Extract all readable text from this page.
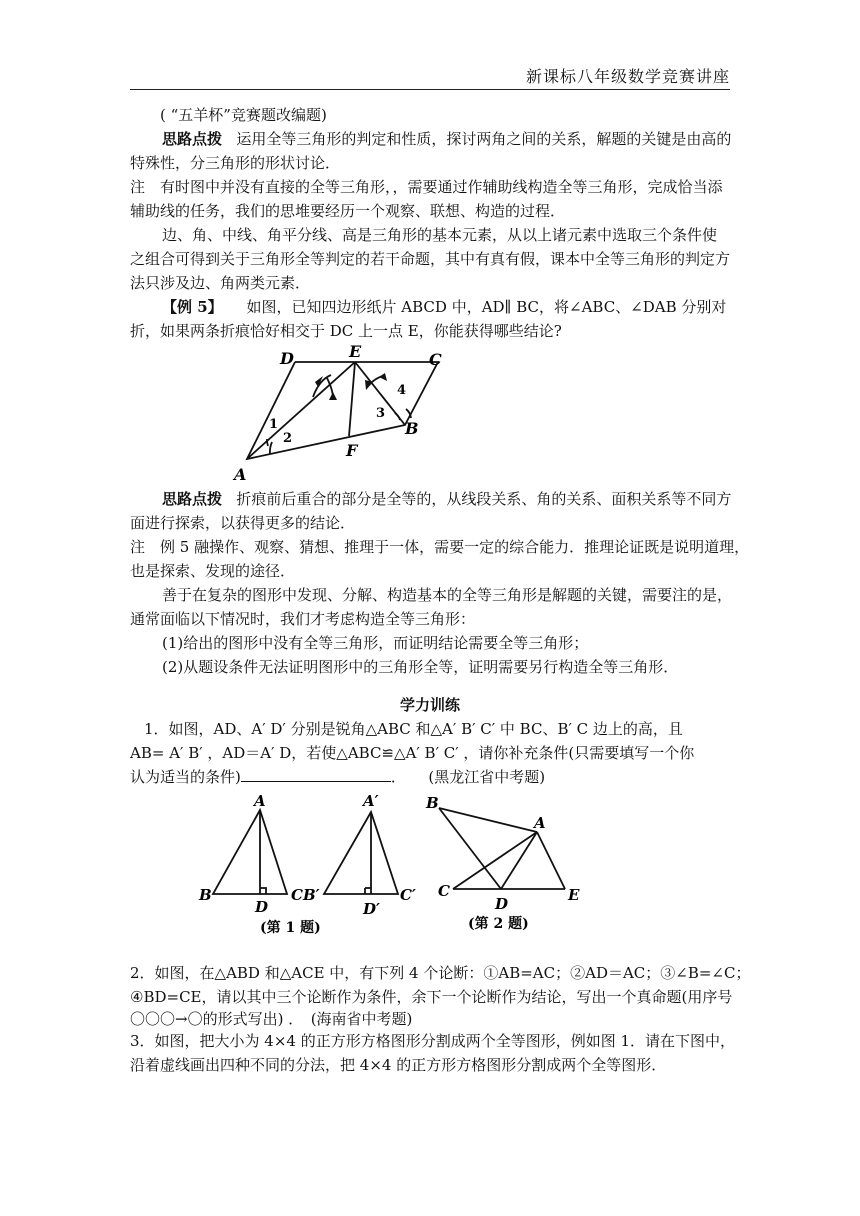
新课标八年级数学竞赛讲座
( “五羊杯”竞赛题改编题)
思路点拨 运用全等三角形的判定和性质，探讨两角之间的关系，解题的关键是由高的
特殊性，分三角形的形状讨论．
注　有时图中并没有直接的全等三角形，，需要通过作辅助线构造全等三角形，完成恰当添
辅助线的任务，我们的思堆要经历一个观察、联想、构造的过程．
边、角、中线、角平分线、高是三角形的基本元素，从以上诸元素中选取三个条件使
之组合可得到关于三角形全等判定的若干命题，其中有真有假，课本中全等三角形的判定方
法只涉及边、角两类元素．
【例 5】 如图，已知四边形纸片 ABCD 中，AD∥ BC，将∠ABC、∠DAB 分别对
折，如果两条折痕恰好相交于 DC 上一点 E，你能获得哪些结论?
D	E	C
A
B
F
1
2
3
4
思路点拨 折痕前后重合的部分是全等的，从线段关系、角的关系、面积关系等不同方
面进行探索，以获得更多的结论．
注　例 5 融操作、观察、猜想、推理于一体，需要一定的综合能力．推理论证既是说明道理，
也是探索、发现的途径．
善于在复杂的图形中发现、分解、构造基本的全等三角形是解题的关键，需要注的是，
通常面临以下情况时，我们才考虑构造全等三角形：
(1)给出的图形中没有全等三角形，而证明结论需要全等三角形；
(2)从题设条件无法证明图形中的三角形全等，证明需要另行构造全等三角形．
学力训练
1．如图，AD、A′ D′ 分别是锐角△ABC 和△A′ B′ C′ 中 BC、B′ C 边上的高，且
AB= A′ B′ ，AD＝A′ D，若使△ABC≌△A′ B′ C′ ，请你补充条件(只需要填写一个你
认为适当的条件)	．　　(黑龙江省中考题)
A
B	C
D
A′
B′	C′
D′
(第 1 题)
B
A
C
D	E
(第 2 题)
2．如图，在△ABD 和△ACE 中，有下列 4 个论断：①AB=AC；②AD＝AC；③∠B=∠C；
④BD=CE，请以其中三个论断作为条件，余下一个论断作为结论，写出一个真命题(用序号
〇〇〇→〇的形式写出) ．　(海南省中考题)
3．如图，把大小为 4×4 的正方形方格图形分割成两个全等图形，例如图 1．请在下图中，
沿着虚线画出四种不同的分法，把 4×4 的正方形方格图形分割成两个全等图形．
